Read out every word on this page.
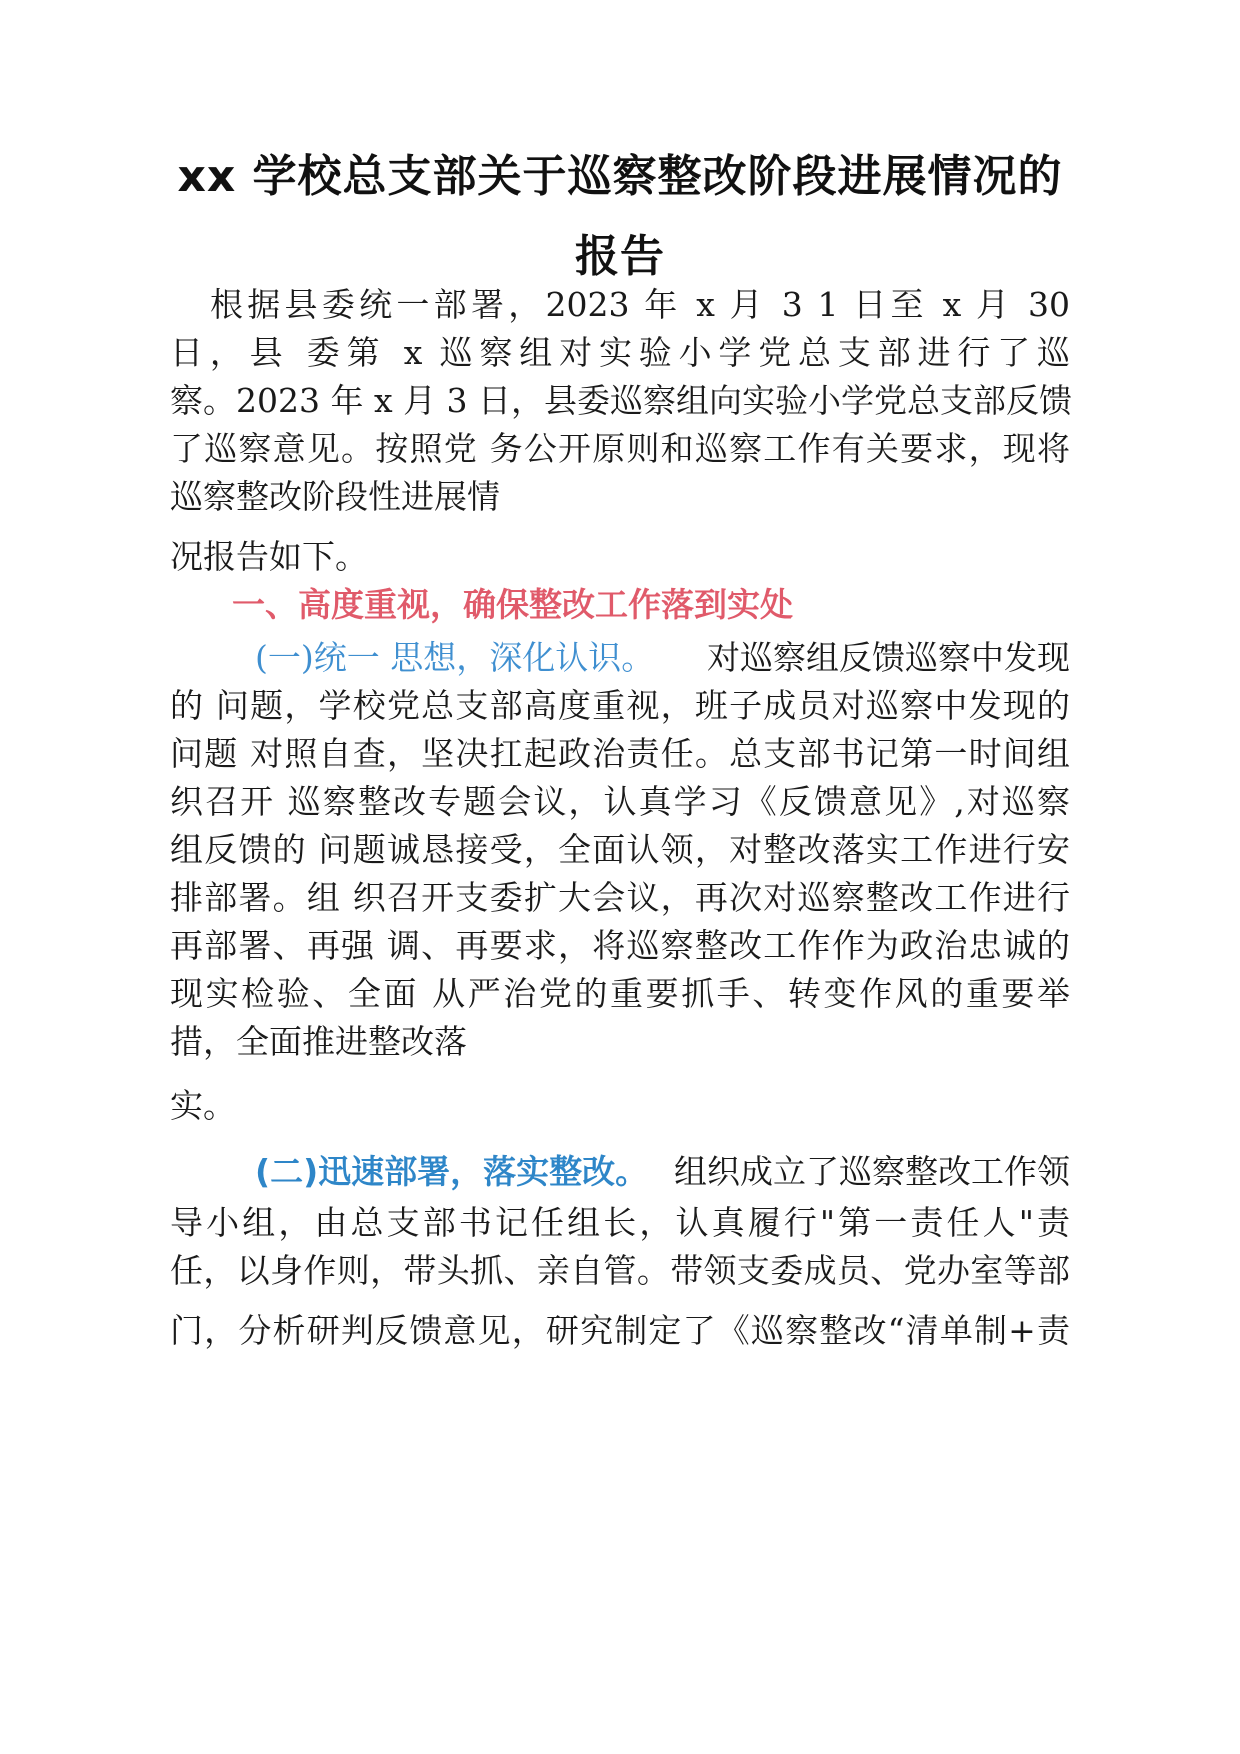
xx 学校总支部关于巡察整改阶段进展情况的
报告
根据县委统一部署，2023 年 x 月 3 1 日至 x 月 30
日，县 委第 x 巡察组对实验小学党总支部进行了巡
察。2023 年 x 月 3 日，县委巡察组向实验小学党总支部反馈
了巡察意见。按照党 务公开原则和巡察工作有关要求，现将
巡察整改阶段性进展情
况报告如下。
一、高度重视，确保整改工作落到实处
(一)统一 思想，深化认识。 对巡察组反馈巡察中发现
的 问题，学校党总支部高度重视，班子成员对巡察中发现的
问题 对照自查，坚决扛起政治责任。总支部书记第一时间组
织召开 巡察整改专题会议，认真学习《反馈意见》,对巡察
组反馈的 问题诚恳接受，全面认领，对整改落实工作进行安
排部署。组 织召开支委扩大会议，再次对巡察整改工作进行
再部署、再强 调、再要求，将巡察整改工作作为政治忠诚的
现实检验、全面 从严治党的重要抓手、转变作风的重要举
措，全面推进整改落
实。
(二)迅速部署，落实整改。 组织成立了巡察整改工作领
导小组，由总支部书记任组长，认真履行"第一责任人"责
任，以身作则，带头抓、亲自管。带领支委成员、党办室等部
门，分析研判反馈意见，研究制定了《巡察整改“清单制+责
